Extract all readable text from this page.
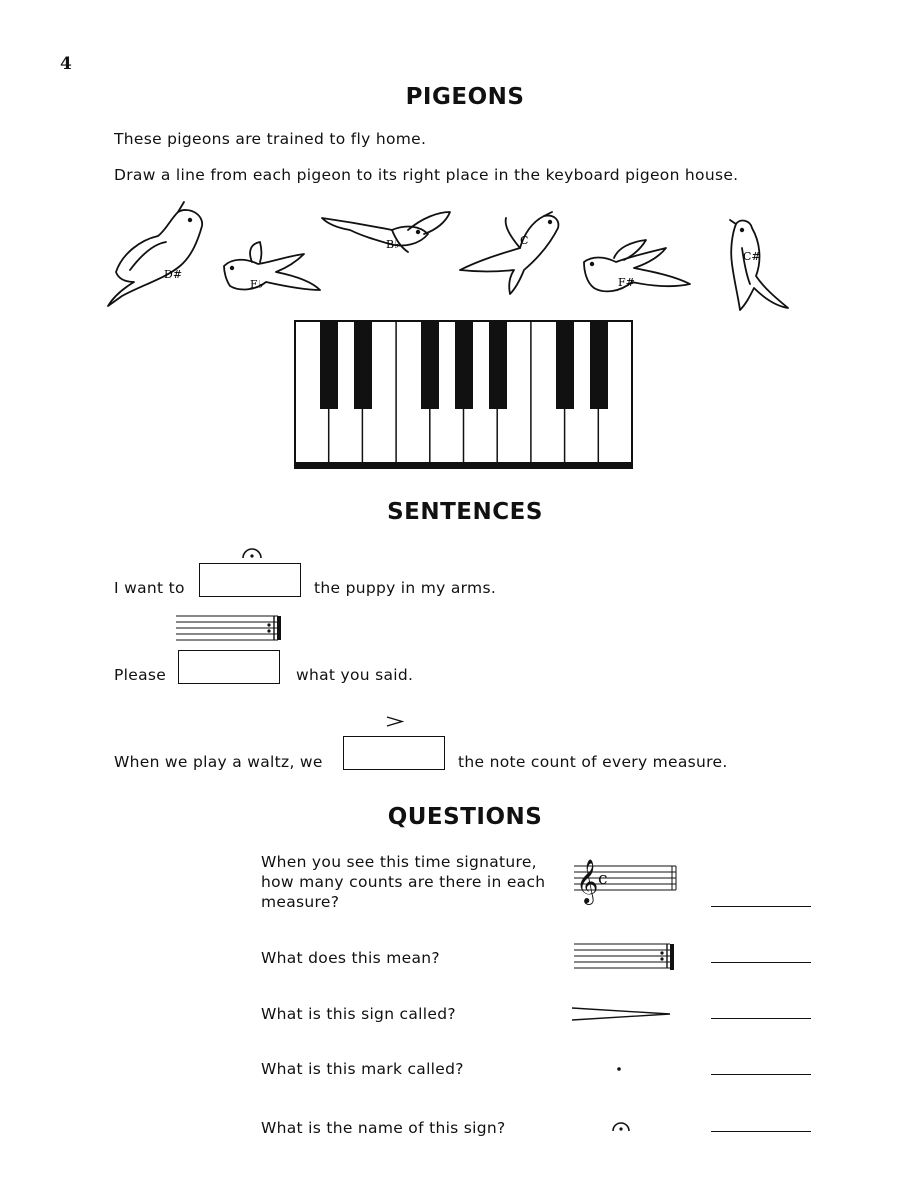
4
PIGEONS
These pigeons are trained to fly home.
Draw a line from each pigeon to its right place in the keyboard pigeon house.
D#
E♭
B♭	C
F#
C#
SENTENCES
I want to	the puppy in my arms.
Please	what you said.
When we play a waltz, we	the note count of every measure.
QUESTIONS
When you see this time signature, how many counts are there in each measure?	𝄞 c
What does this mean?
What is this sign called?
What is this mark called?
What is the name of this sign?
